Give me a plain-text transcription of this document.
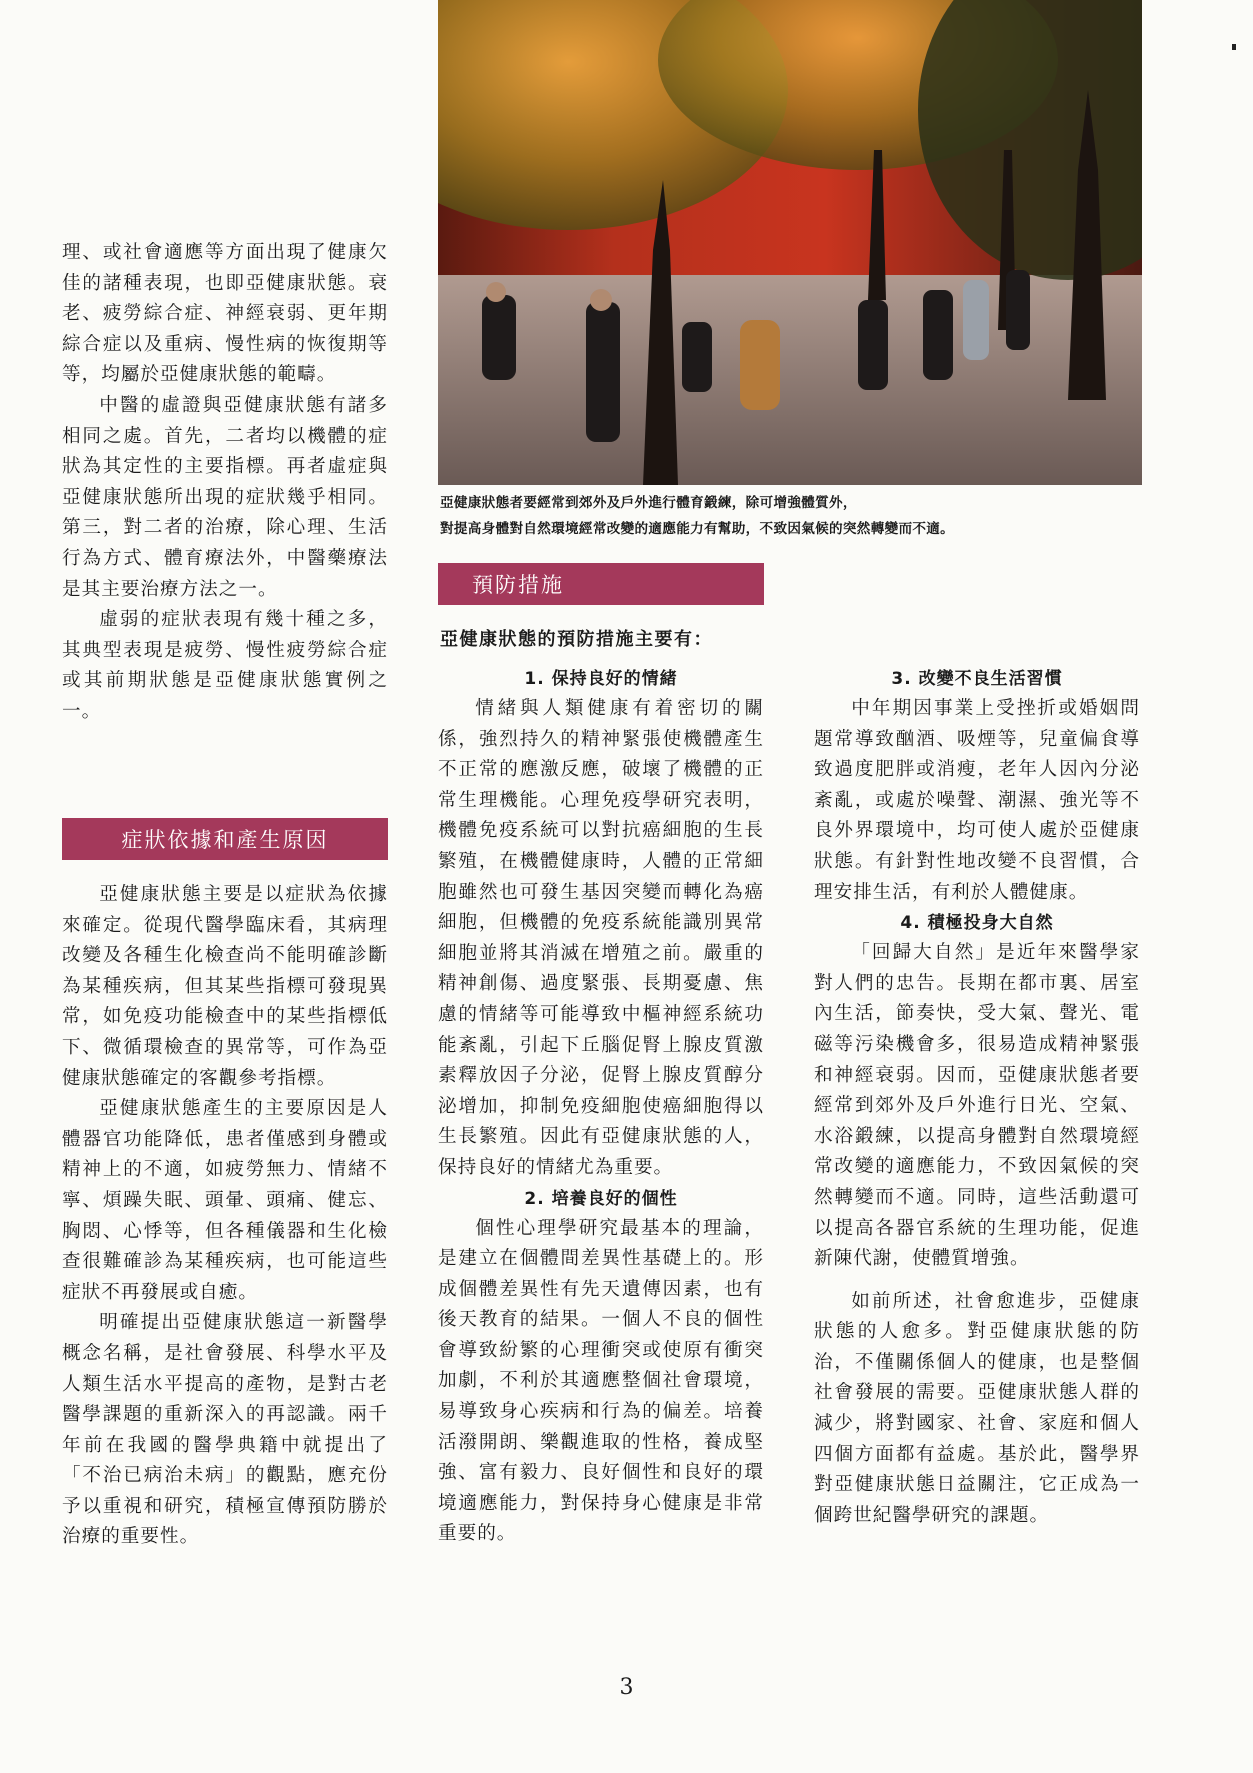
亞健康狀態者要經常到郊外及戶外進行體育鍛練，除可增強體質外，
對提高身體對自然環境經常改變的適應能力有幫助，不致因氣候的突然轉變而不適。

理、或社會適應等方面出現了健康欠佳的諸種表現，也即亞健康狀態。衰老、疲勞綜合症、神經衰弱、更年期綜合症以及重病、慢性病的恢復期等等，均屬於亞健康狀態的範疇。

中醫的虛證與亞健康狀態有諸多相同之處。首先，二者均以機體的症狀為其定性的主要指標。再者虛症與亞健康狀態所出現的症狀幾乎相同。第三，對二者的治療，除心理、生活行為方式、體育療法外，中醫藥療法是其主要治療方法之一。

虛弱的症狀表現有幾十種之多，其典型表現是疲勞、慢性疲勞綜合症或其前期狀態是亞健康狀態實例之一。

症狀依據和產生原因

亞健康狀態主要是以症狀為依據來確定。從現代醫學臨床看，其病理改變及各種生化檢查尚不能明確診斷為某種疾病，但其某些指標可發現異常，如免疫功能檢查中的某些指標低下、微循環檢查的異常等，可作為亞健康狀態確定的客觀參考指標。

亞健康狀態產生的主要原因是人體器官功能降低，患者僅感到身體或精神上的不適，如疲勞無力、情緒不寧、煩躁失眠、頭暈、頭痛、健忘、胸悶、心悸等，但各種儀器和生化檢查很難確診為某種疾病，也可能這些症狀不再發展或自癒。

明確提出亞健康狀態這一新醫學概念名稱，是社會發展、科學水平及人類生活水平提高的產物，是對古老醫學課題的重新深入的再認識。兩千年前在我國的醫學典籍中就提出了「不治已病治未病」的觀點，應充份予以重視和研究，積極宣傳預防勝於治療的重要性。

預防措施

亞健康狀態的預防措施主要有：

1. 保持良好的情緒

情緒與人類健康有着密切的關係，強烈持久的精神緊張使機體產生不正常的應激反應，破壞了機體的正常生理機能。心理免疫學研究表明，機體免疫系統可以對抗癌細胞的生長繁殖，在機體健康時，人體的正常細胞雖然也可發生基因突變而轉化為癌細胞，但機體的免疫系統能識別異常細胞並將其消滅在增殖之前。嚴重的精神創傷、過度緊張、長期憂慮、焦慮的情緒等可能導致中樞神經系統功能紊亂，引起下丘腦促腎上腺皮質激素釋放因子分泌，促腎上腺皮質醇分泌增加，抑制免疫細胞使癌細胞得以生長繁殖。因此有亞健康狀態的人，保持良好的情緒尤為重要。

2. 培養良好的個性

個性心理學研究最基本的理論，是建立在個體間差異性基礎上的。形成個體差異性有先天遺傳因素，也有後天教育的結果。一個人不良的個性會導致紛繁的心理衝突或使原有衝突加劇，不利於其適應整個社會環境，易導致身心疾病和行為的偏差。培養活潑開朗、樂觀進取的性格，養成堅強、富有毅力、良好個性和良好的環境適應能力，對保持身心健康是非常重要的。

3. 改變不良生活習慣

中年期因事業上受挫折或婚姻問題常導致酗酒、吸煙等，兒童偏食導致過度肥胖或消瘦，老年人因內分泌紊亂，或處於噪聲、潮濕、強光等不良外界環境中，均可使人處於亞健康狀態。有針對性地改變不良習慣，合理安排生活，有利於人體健康。

4. 積極投身大自然

「回歸大自然」是近年來醫學家對人們的忠告。長期在都市裏、居室內生活，節奏快，受大氣、聲光、電磁等污染機會多，很易造成精神緊張和神經衰弱。因而，亞健康狀態者要經常到郊外及戶外進行日光、空氣、水浴鍛練，以提高身體對自然環境經常改變的適應能力，不致因氣候的突然轉變而不適。同時，這些活動還可以提高各器官系統的生理功能，促進新陳代謝，使體質增強。

如前所述，社會愈進步，亞健康狀態的人愈多。對亞健康狀態的防治，不僅關係個人的健康，也是整個社會發展的需要。亞健康狀態人群的減少，將對國家、社會、家庭和個人四個方面都有益處。基於此，醫學界對亞健康狀態日益關注，它正成為一個跨世紀醫學研究的課題。

3
